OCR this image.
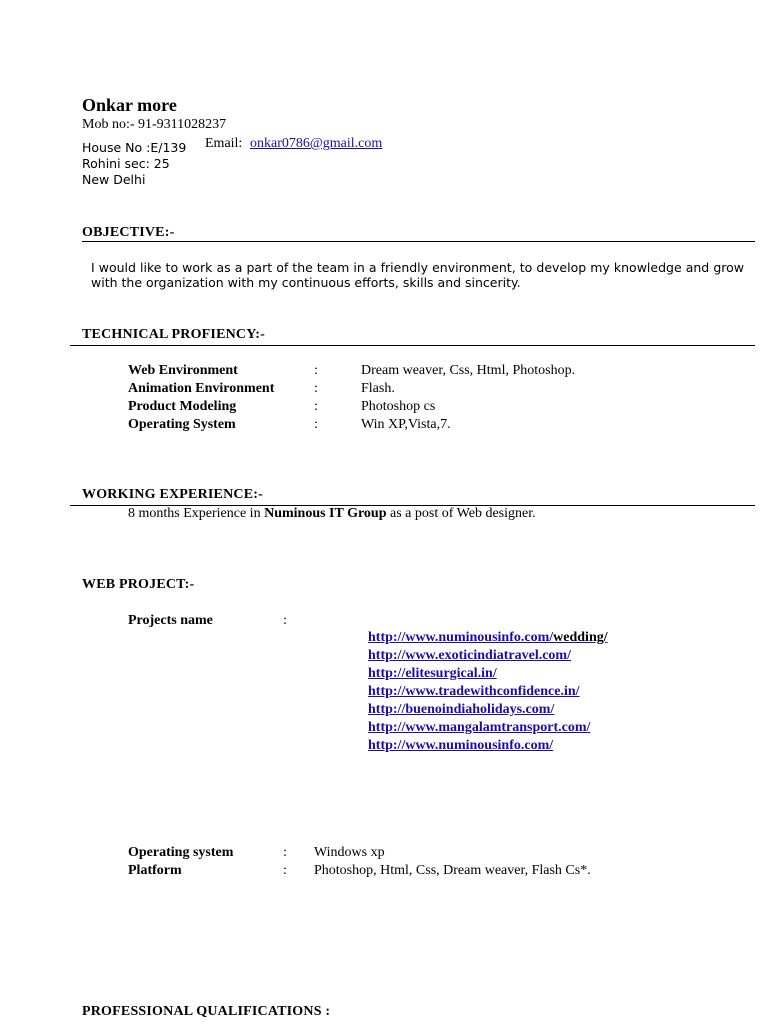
Onkar more
Mob no:- 91-9311028237
House No :E/139
Rohini sec: 25
New Delhi
Email: onkar0786@gmail.com
OBJECTIVE:-
I would like to work as a part of the team in a friendly environment, to develop my knowledge and grow with the organization with my continuous efforts, skills and sincerity.
TECHNICAL PROFIENCY:-
Web Environment	:	Dream weaver, Css, Html, Photoshop.
Animation Environment	:	Flash.
Product Modeling	:	Photoshop cs
Operating System	:	Win XP,Vista,7.
WORKING EXPERIENCE:-
8 months Experience in Numinous IT Group as a post of Web designer.
WEB PROJECT:-
Projects name	:
http://www.numinousinfo.com/wedding/
http://www.exoticindiatravel.com/
http://elitesurgical.in/
http://www.tradewithconfidence.in/
http://buenoindiaholidays.com/
http://www.mangalamtransport.com/
http://www.numinousinfo.com/
Operating system	: Windows xp
Platform	: Photoshop, Html, Css, Dream weaver, Flash Cs*.
PROFESSIONAL QUALIFICATIONS :
